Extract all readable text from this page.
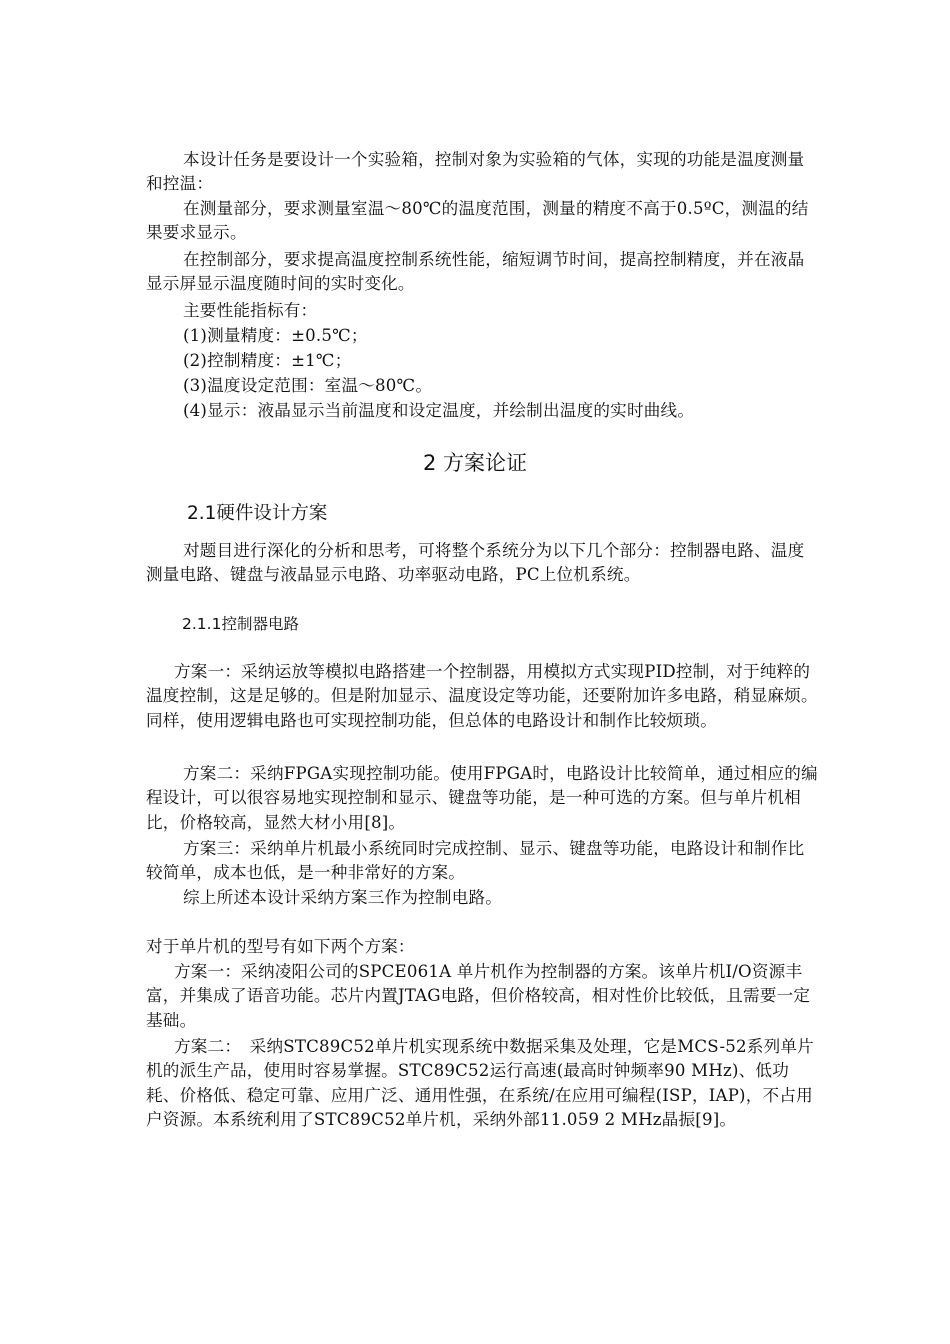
本设计任务是要设计一个实验箱，控制对象为实验箱的气体，实现的功能是温度测量和控温：

在测量部分，要求测量室温～80℃的温度范围，测量的精度不高于0.5ºC，测温的结果要求显示。

在控制部分，要求提高温度控制系统性能，缩短调节时间，提高控制精度，并在液晶显示屏显示温度随时间的实时变化。

主要性能指标有：

(1)测量精度：±0.5℃；

(2)控制精度：±1℃；

(3)温度设定范围：室温～80℃。

(4)显示：液晶显示当前温度和设定温度，并绘制出温度的实时曲线。

2 方案论证
2.1硬件设计方案

对题目进行深化的分析和思考，可将整个系统分为以下几个部分：控制器电路、温度测量电路、键盘与液晶显示电路、功率驱动电路，PC上位机系统。

2.1.1控制器电路

方案一：采纳运放等模拟电路搭建一个控制器，用模拟方式实现PID控制，对于纯粹的温度控制，这是足够的。但是附加显示、温度设定等功能，还要附加许多电路，稍显麻烦。同样，使用逻辑电路也可实现控制功能，但总体的电路设计和制作比较烦琐。

方案二：采纳FPGA实现控制功能。使用FPGA时，电路设计比较简单，通过相应的编程设计，可以很容易地实现控制和显示、键盘等功能，是一种可选的方案。但与单片机相比，价格较高，显然大材小用[8]。

方案三：采纳单片机最小系统同时完成控制、显示、键盘等功能，电路设计和制作比较简单，成本也低，是一种非常好的方案。

综上所述本设计采纳方案三作为控制电路。

对于单片机的型号有如下两个方案：

方案一：采纳凌阳公司的SPCE061A 单片机作为控制器的方案。该单片机I/O资源丰富，并集成了语音功能。芯片内置JTAG电路，但价格较高，相对性价比较低，且需要一定基础。

方案二：　采纳STC89C52单片机实现系统中数据采集及处理，它是MCS-52系列单片机的派生产品，使用时容易掌握。STC89C52运行高速(最高时钟频率90 MHz)、低功耗、价格低、稳定可靠、应用广泛、通用性强，在系统/在应用可编程(ISP，IAP)，不占用户资源。本系统利用了STC89C52单片机，采纳外部11.059 2 MHz晶振[9]。
